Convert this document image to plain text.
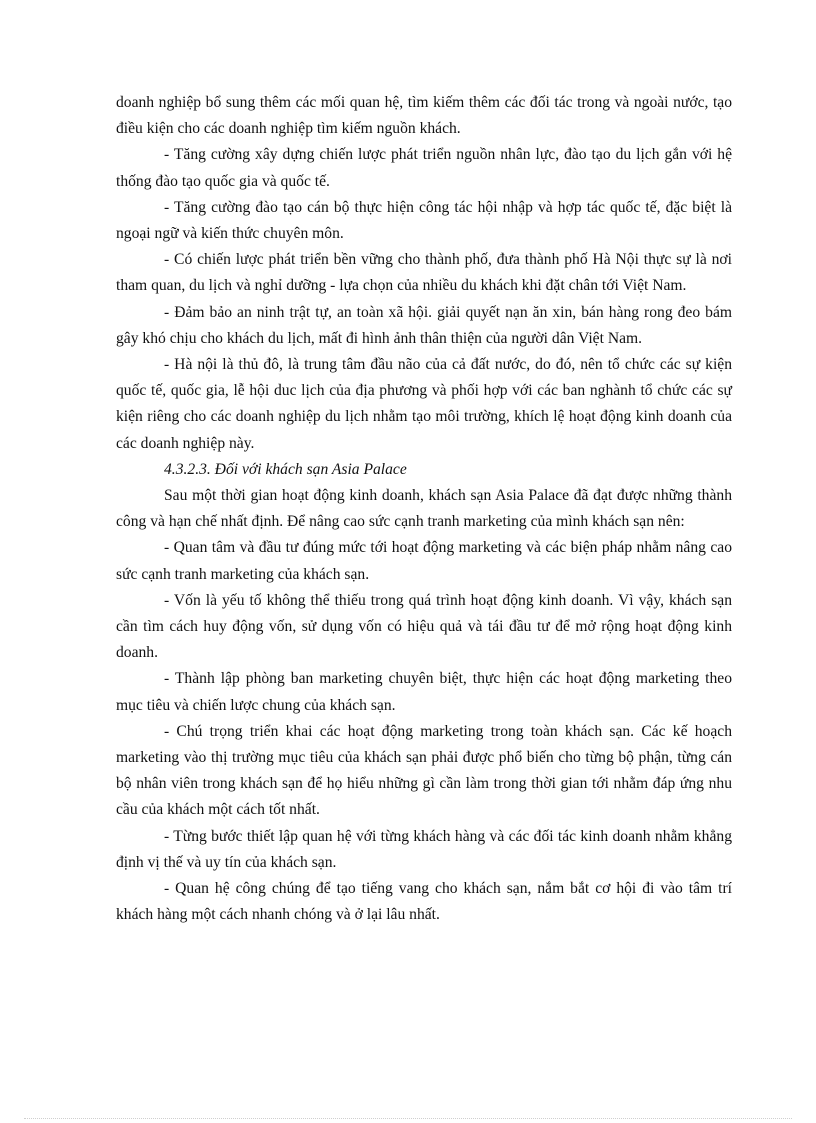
doanh nghiệp bổ sung thêm các mối quan hệ, tìm kiếm thêm các đối tác trong và ngoài nước, tạo điều kiện cho các doanh nghiệp tìm kiếm nguồn khách.

- Tăng cường xây dựng chiến lược phát triển nguồn nhân lực, đào tạo du lịch gắn với hệ thống đào tạo quốc gia và quốc tế.

- Tăng cường đào tạo cán bộ thực hiện công tác hội nhập và hợp tác quốc tế, đặc biệt là ngoại ngữ và kiến thức chuyên môn.

- Có chiến lược phát triển bền vững cho thành phố, đưa thành phố Hà Nội thực sự là nơi tham quan, du lịch và nghỉ dưỡng - lựa chọn của nhiều du khách khi đặt chân tới Việt Nam.

- Đảm bảo an ninh trật tự, an toàn xã hội. giải quyết nạn ăn xin, bán hàng rong đeo bám gây khó chịu cho khách du lịch, mất đi hình ảnh thân thiện của người dân Việt Nam.

- Hà nội là thủ đô, là trung tâm đầu não của cả đất nước, do đó, nên tổ chức các sự kiện quốc tế, quốc gia, lễ hội duc lịch của địa phương và phối hợp với các ban nghành tổ chức các sự kiện riêng cho các doanh nghiệp du lịch nhằm tạo môi trường, khích lệ hoạt động kinh doanh của các doanh nghiệp này.

4.3.2.3. Đối với khách sạn Asia Palace

Sau một thời gian hoạt động kinh doanh, khách sạn Asia Palace đã đạt được những thành công và hạn chế nhất định. Để nâng cao sức cạnh tranh marketing của mình khách sạn nên:

- Quan tâm và đầu tư đúng mức tới hoạt động marketing và các biện pháp nhằm nâng cao sức cạnh tranh marketing của khách sạn.

- Vốn là yếu tố không thể thiếu trong quá trình hoạt động kinh doanh. Vì vậy, khách sạn cần tìm cách huy động vốn, sử dụng vốn có hiệu quả và tái đầu tư để mở rộng hoạt động kinh doanh.

- Thành lập phòng ban marketing chuyên biệt, thực hiện các hoạt động marketing theo mục tiêu và chiến lược chung của khách sạn.

- Chú trọng triển khai các hoạt động marketing trong toàn khách sạn. Các kế hoạch marketing vào thị trường mục tiêu của khách sạn phải được phổ biến cho từng bộ phận, từng cán bộ nhân viên trong khách sạn để họ hiểu những gì cần làm trong thời gian tới nhằm đáp ứng nhu cầu của khách một cách tốt nhất.

- Từng bước thiết lập quan hệ với từng khách hàng và các đối tác kinh doanh nhằm khẳng định vị thế và uy tín của khách sạn.

- Quan hệ công chúng để tạo tiếng vang cho khách sạn, nắm bắt cơ hội đi vào tâm trí khách hàng một cách nhanh chóng và ở lại lâu nhất.
